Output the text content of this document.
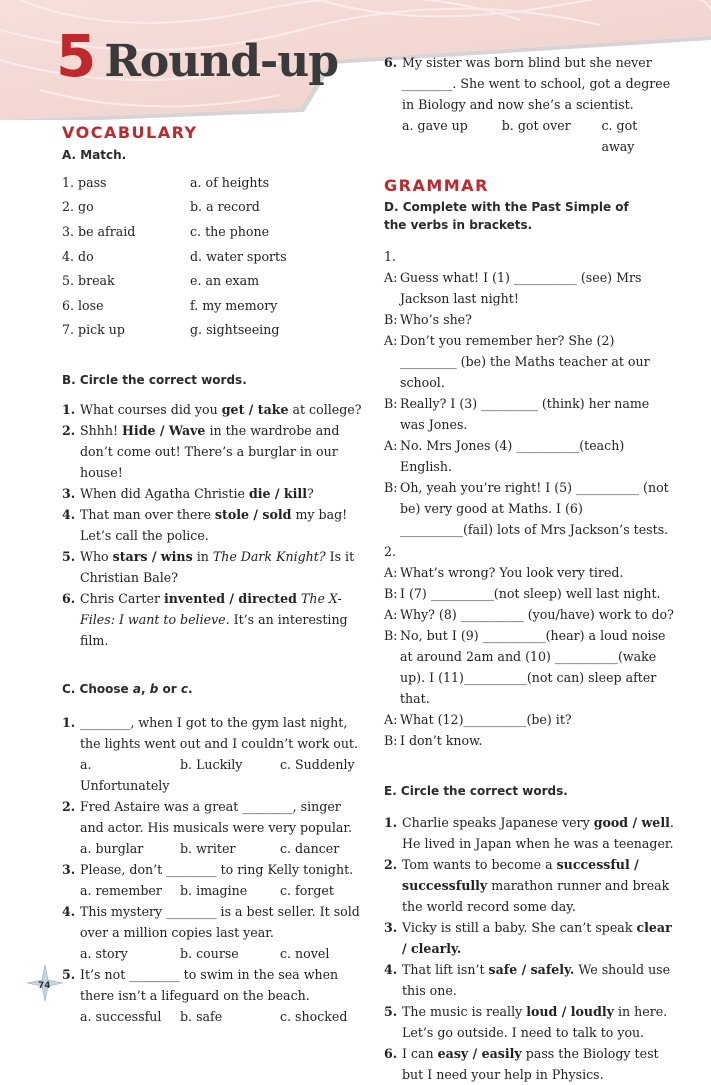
5 Round-up
VOCABULARY

A. Match.

1. pass	a. of heights
2. go	b. a record
3. be afraid	c. the phone
4. do	d. water sports
5. break	e. an exam
6. lose	f. my memory
7. pick up	g. sightseeing

B. Circle the correct words.

1. What courses did you get / take at college?
2. Shhh! Hide / Wave in the wardrobe and don’t come out! There’s a burglar in our house!
3. When did Agatha Christie die / kill?
4. That man over there stole / sold my bag! Let’s call the police.
5. Who stars / wins in The Dark Knight? Is it Christian Bale?
6. Chris Carter invented / directed The X-Files: I want to believe. It’s an interesting film.

C. Choose a, b or c.

1. ________, when I got to the gym last night, the lights went out and I couldn’t work out.
a. Unfortunately
b. Luckily	c. Suddenly
2. Fred Astaire was a great ________, singer and actor. His musicals were very popular.
a. burglar	b. writer	c. dancer
3. Please, don’t ________ to ring Kelly tonight.
a. remember	b. imagine	c. forget
4. This mystery ________ is a best seller. It sold over a million copies last year.
a. story	b. course	c. novel
5. It’s not ________ to swim in the sea when there isn’t a lifeguard on the beach.
a. successful	b. safe	c. shocked
6. My sister was born blind but she never ________. She went to school, got a degree in Biology and now she’s a scientist.
a. gave up	b. got over	c. got away
GRAMMAR

D. Complete with the Past Simple of the verbs in brackets.

1.
A: Guess what! I (1) __________ (see) Mrs Jackson last night!
B: Who’s she?
A: Don’t you remember her? She (2) _________ (be) the Maths teacher at our school.
B: Really? I (3) _________ (think) her name was Jones.
A: No. Mrs Jones (4) __________(teach) English.
B: Oh, yeah you’re right! I (5) __________ (not be) very good at Maths. I (6) __________(fail) lots of Mrs Jackson’s tests.
2.
A: What’s wrong? You look very tired.
B: I (7) __________(not sleep) well last night.
A: Why? (8) __________ (you/have) work to do?
B: No, but I (9) __________(hear) a loud noise at around 2am and (10) __________(wake up). I (11)__________(not can) sleep after that.
A: What (12)__________(be) it?
B: I don’t know.

E. Circle the correct words.

1. Charlie speaks Japanese very good / well. He lived in Japan when he was a teenager.
2. Tom wants to become a successful / successfully marathon runner and break the world record some day.
3. Vicky is still a baby. She can’t speak clear / clearly.
4. That lift isn’t safe / safely. We should use this one.
5. The music is really loud / loudly in here. Let’s go outside. I need to talk to you.
6. I can easy / easily pass the Biology test but I need your help in Physics.
74
